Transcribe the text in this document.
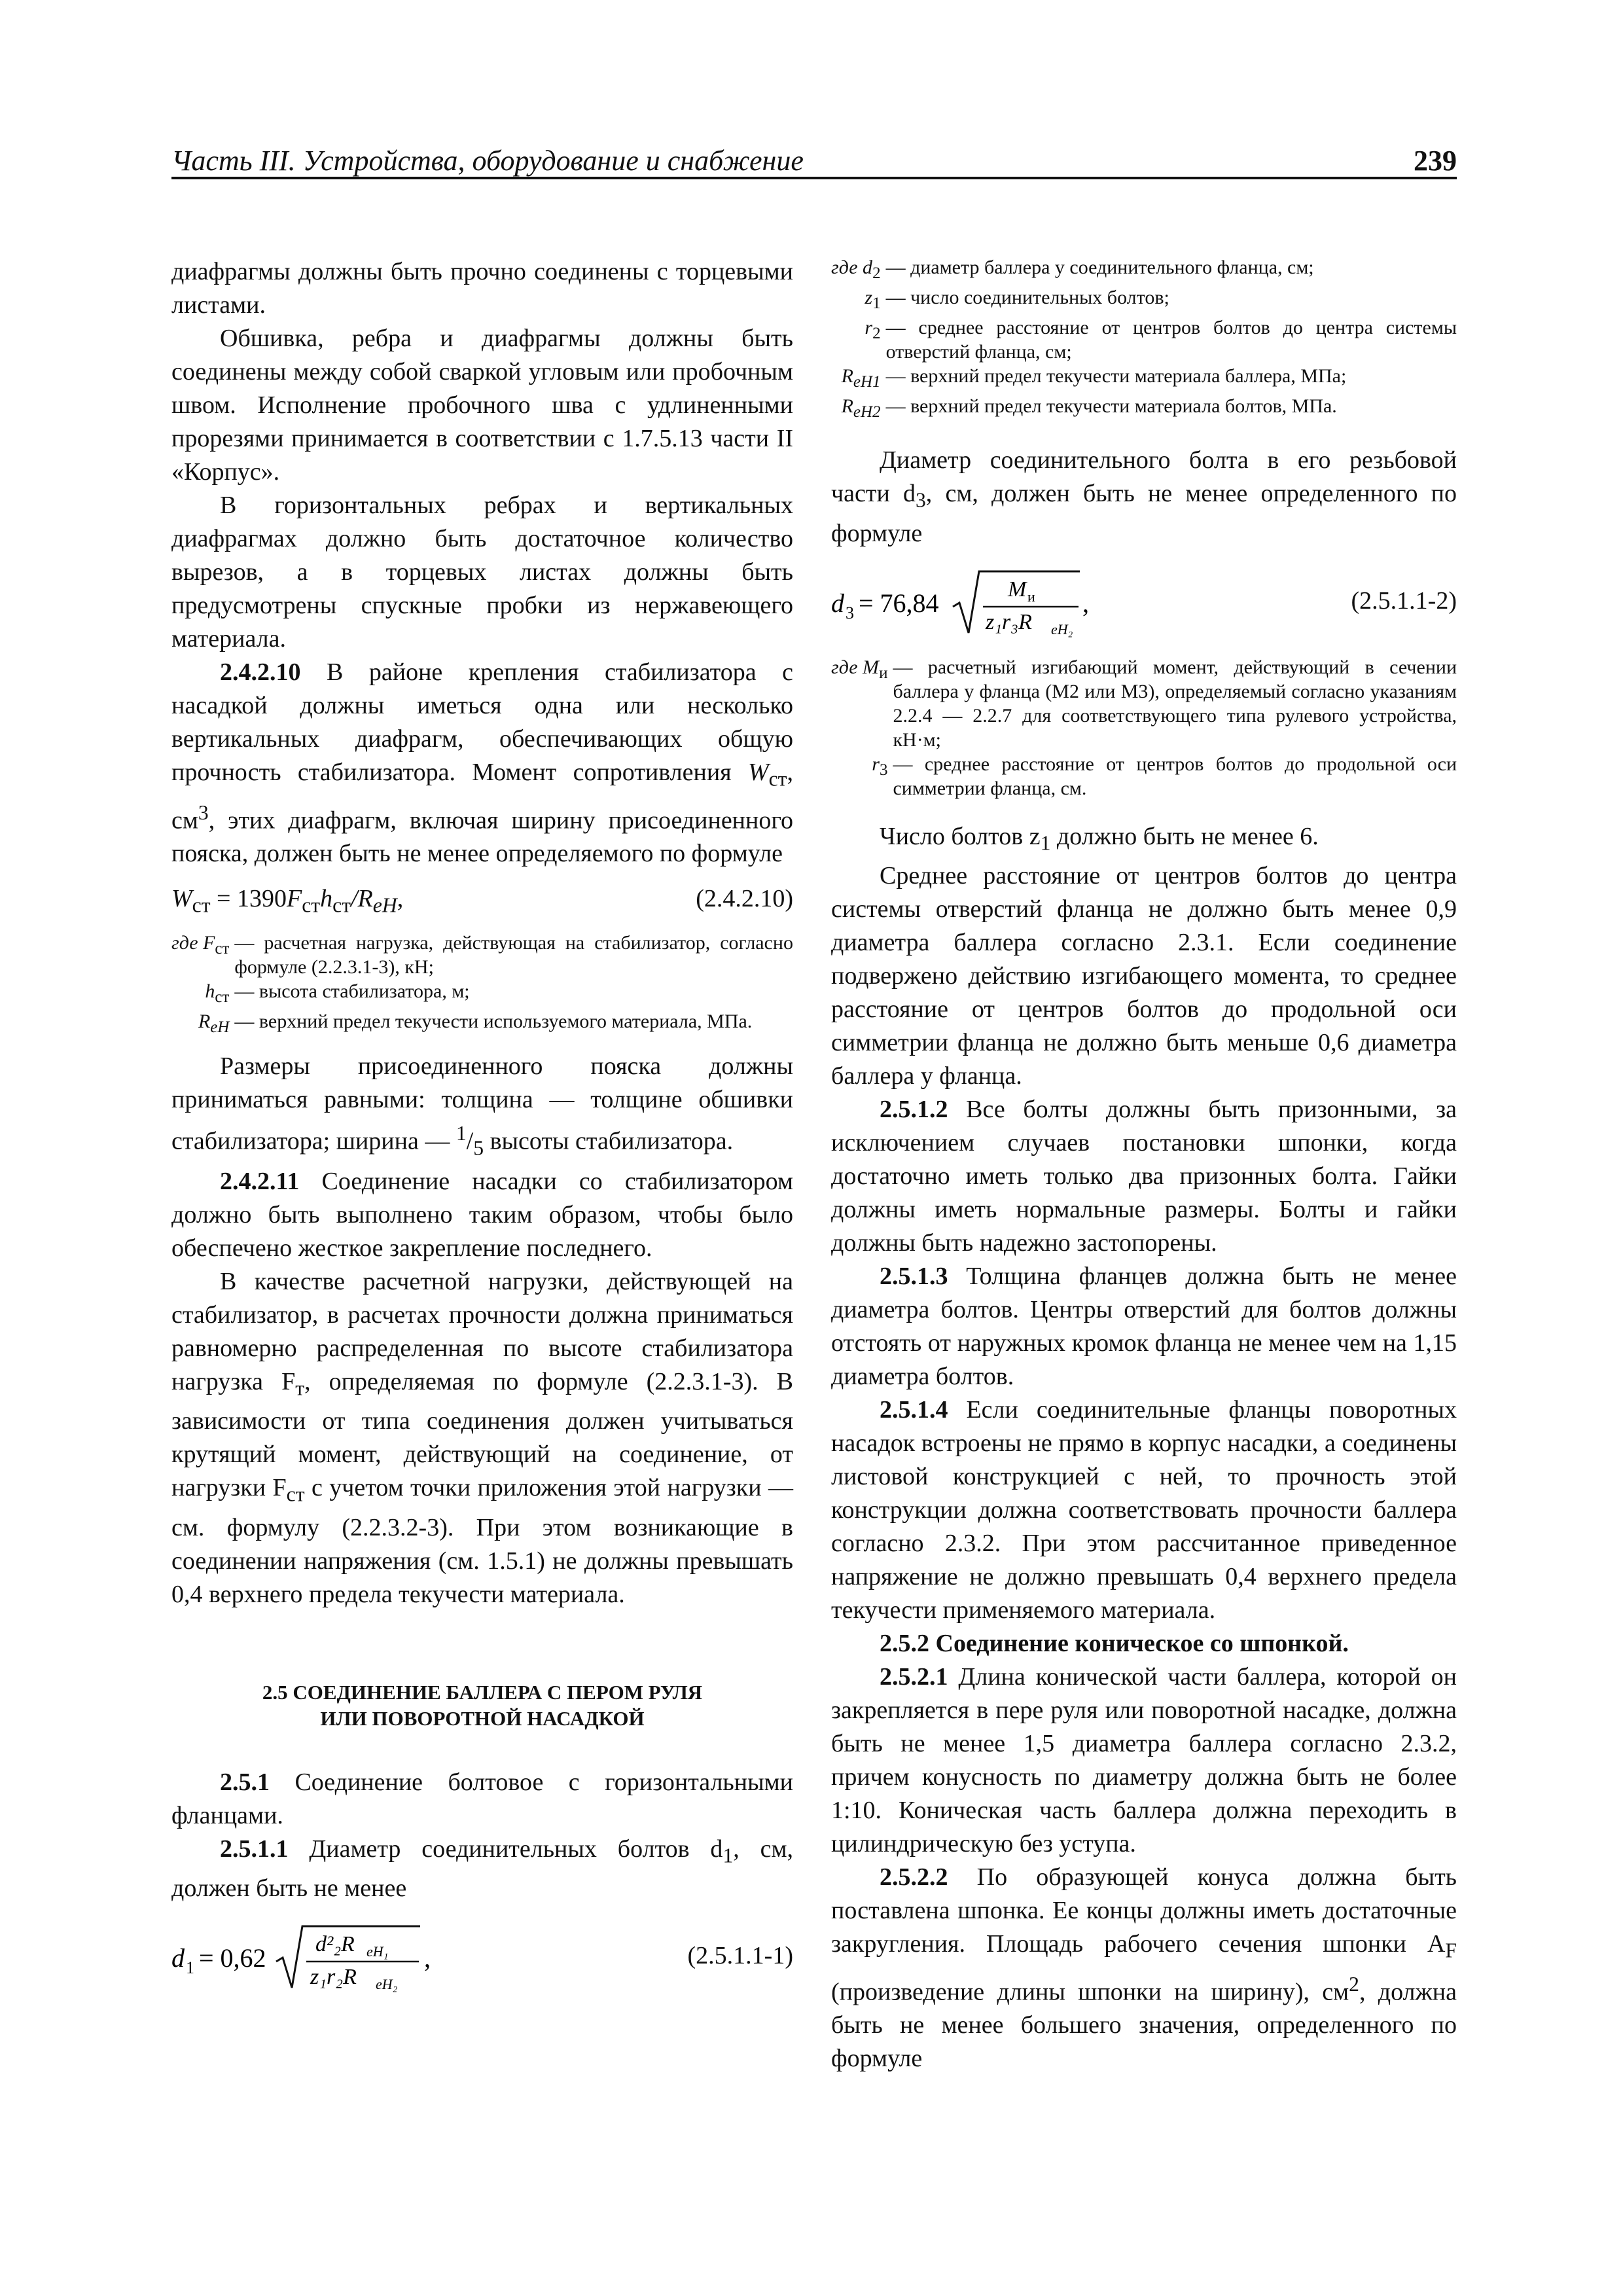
Часть III. Устройства, оборудование и снабжение	239

диафрагмы должны быть прочно соединены с торцевыми листами.

Обшивка, ребра и диафрагмы должны быть соединены между собой сваркой угловым или пробочным швом. Исполнение пробочного шва с удлиненными прорезями принимается в соответствии с 1.7.5.13 части II «Корпус».

В горизонтальных ребрах и вертикальных диафрагмах должно быть достаточное количество вырезов, а в торцевых листах должны быть предусмотрены спускные пробки из нержавеющего материала.

2.4.2.10 В районе крепления стабилизатора с насадкой должны иметься одна или несколько вертикальных диафрагм, обеспечивающих общую прочность стабилизатора. Момент сопротивления $W_{ст}$, $см^3$, этих диафрагм, включая ширину присоединенного пояска, должен быть не менее определяемого по формуле

$W_{ст} = 1390F_{ст}h_{ст}/R_{eH}$,	(2.4.2.10)
где $F_{ст}$ — расчетная нагрузка, действующая на стабилизатор, согласно формуле (2.2.3.1-3), кН;
$h_{ст}$ — высота стабилизатора, м;
$R_{eH}$ — верхний предел текучести используемого материала, МПа.

Размеры присоединенного пояска должны приниматься равными: толщина — толщине обшивки стабилизатора; ширина — $^1/_5$ высоты стабилизатора.

2.4.2.11 Соединение насадки со стабилизатором должно быть выполнено таким образом, чтобы было обеспечено жесткое закрепление последнего.

В качестве расчетной нагрузки, действующей на стабилизатор, в расчетах прочности должна приниматься равномерно распределенная по высоте стабилизатора нагрузка $F_т$, определяемая по формуле (2.2.3.1-3). В зависимости от типа соединения должен учитываться крутящий момент, действующий на соединение, от нагрузки $F_{ст}$ с учетом точки приложения этой нагрузки — см. формулу (2.2.3.2-3). При этом возникающие в соединении напряжения (см. 1.5.1) не должны превышать 0,4 верхнего предела текучести материала.

2.5 СОЕДИНЕНИЕ БАЛЛЕРА С ПЕРОМ РУЛЯ
ИЛИ ПОВОРОТНОЙ НАСАДКОЙ

2.5.1 Соединение болтовое с горизонтальными фланцами.

2.5.1.1 Диаметр соединительных болтов $d_1$, см, должен быть не менее

d 1 = 0,62 d²₂R eH₁
z₁r₂R eH₂
,	(2.5.1.1-1)
где $d_2$ — диаметр баллера у соединительного фланца, см;
$z_1$ — число соединительных болтов;
$r_2$ — среднее расстояние от центров болтов до центра системы отверстий фланца, см;
$R_{eH1}$ — верхний предел текучести материала баллера, МПа;
$R_{eH2}$ — верхний предел текучести материала болтов, МПа.

Диаметр соединительного болта в его резьбовой части $d_3$, см, должен быть не менее определенного по формуле

d 3 = 76,84	M и
z₁r₃R eH₂
,	(2.5.1.1-2)
где $M_и$ — расчетный изгибающий момент, действующий в сечении баллера у фланца (M2 или M3), определяемый согласно указаниям 2.2.4 — 2.2.7 для соответствующего типа рулевого устройства, кН·м;
$r_3$ — среднее расстояние от центров болтов до продольной оси симметрии фланца, см.

Число болтов $z_1$ должно быть не менее 6.

Среднее расстояние от центров болтов до центра системы отверстий фланца не должно быть менее 0,9 диаметра баллера согласно 2.3.1. Если соединение подвержено действию изгибающего момента, то среднее расстояние от центров болтов до продольной оси симметрии фланца не должно быть меньше 0,6 диаметра баллера у фланца.

2.5.1.2 Все болты должны быть призонными, за исключением случаев постановки шпонки, когда достаточно иметь только два призонных болта. Гайки должны иметь нормальные размеры. Болты и гайки должны быть надежно застопорены.

2.5.1.3 Толщина фланцев должна быть не менее диаметра болтов. Центры отверстий для болтов должны отстоять от наружных кромок фланца не менее чем на 1,15 диаметра болтов.

2.5.1.4 Если соединительные фланцы поворотных насадок встроены не прямо в корпус насадки, а соединены листовой конструкцией с ней, то прочность этой конструкции должна соответствовать прочности баллера согласно 2.3.2. При этом рассчитанное приведенное напряжение не должно превышать 0,4 верхнего предела текучести применяемого материала.

2.5.2 Соединение коническое со шпонкой.

2.5.2.1 Длина конической части баллера, которой он закрепляется в пере руля или поворотной насадке, должна быть не менее 1,5 диаметра баллера согласно 2.3.2, причем конусность по диаметру должна быть не более 1:10. Коническая часть баллера должна переходить в цилиндрическую без уступа.

2.5.2.2 По образующей конуса должна быть поставлена шпонка. Ее концы должны иметь достаточные закругления. Площадь рабочего сечения шпонки $A_F$ (произведение длины шпонки на ширину), $см^2$, должна быть не менее большего значения, определенного по формуле
